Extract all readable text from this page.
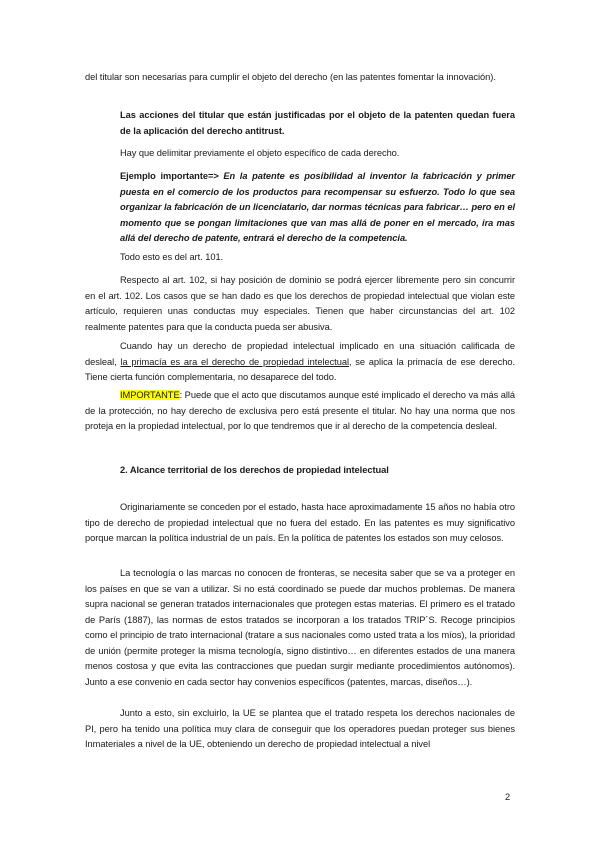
del titular son necesarias para cumplir el objeto del derecho (en las patentes fomentar la innovación).

Las acciones del titular que están justificadas por el objeto de la patenten quedan fuera de la aplicación del derecho antitrust.

Hay que delimitar previamente el objeto específico de cada derecho.

Ejemplo importante=> En la patente es posibilidad al inventor la fabricación y primer puesta en el comercio de los productos para recompensar su esfuerzo. Todo lo que sea organizar la fabricación de un licenciatario, dar normas técnicas para fabricar… pero en el momento que se pongan limitaciones que van mas allá de poner en el mercado, ira mas allá del derecho de patente, entrará el derecho de la competencia.

Todo esto es del art. 101.

Respecto al art. 102, si hay posición de dominio se podrá ejercer libremente pero sin concurrir en el art. 102. Los casos que se han dado es que los derechos de propiedad intelectual que violan este artículo, requieren unas conductas muy especiales. Tienen que haber circunstancias del art. 102 realmente patentes para que la conducta pueda ser abusiva.

Cuando hay un derecho de propiedad intelectual implicado en una situación calificada de desleal, la primacía es ara el derecho de propiedad intelectual, se aplica la primacía de ese derecho. Tiene cierta función complementaria, no desaparece del todo.

IMPORTANTE: Puede que el acto que discutamos aunque esté implicado el derecho va más allá de la protección, no hay derecho de exclusiva pero está presente el titular. No hay una norma que nos proteja en la propiedad intelectual, por lo que tendremos que ir al derecho de la competencia desleal.

2. Alcance territorial de los derechos de propiedad intelectual

Originariamente se conceden por el estado, hasta hace aproximadamente 15 años no había otro tipo de derecho de propiedad intelectual que no fuera del estado. En las patentes es muy significativo porque marcan la política industrial de un país. En la política de patentes los estados son muy celosos.

La tecnología o las marcas no conocen de fronteras, se necesita saber que se va a proteger en los países en que se van a utilizar. Si no está coordinado se puede dar muchos problemas. De manera supra nacional se generan tratados internacionales que protegen estas materias. El primero es el tratado de París (1887), las normas de estos tratados se incorporan a los tratados TRIP´S. Recoge principios como el principio de trato internacional (tratare a sus nacionales como usted trata a los míos), la prioridad de unión (permite proteger la misma tecnología, signo distintivo… en diferentes estados de una manera menos costosa y que evita las contracciones que puedan surgir mediante procedimientos autónomos). Junto a ese convenio en cada sector hay convenios específicos (patentes, marcas, diseños…).

Junto a esto, sin excluirlo, la UE se plantea que el tratado respeta los derechos nacionales de PI, pero ha tenido una política muy clara de conseguir que los operadores puedan proteger sus bienes Inmateriales a nivel de la UE, obteniendo un derecho de propiedad intelectual a nivel

2
